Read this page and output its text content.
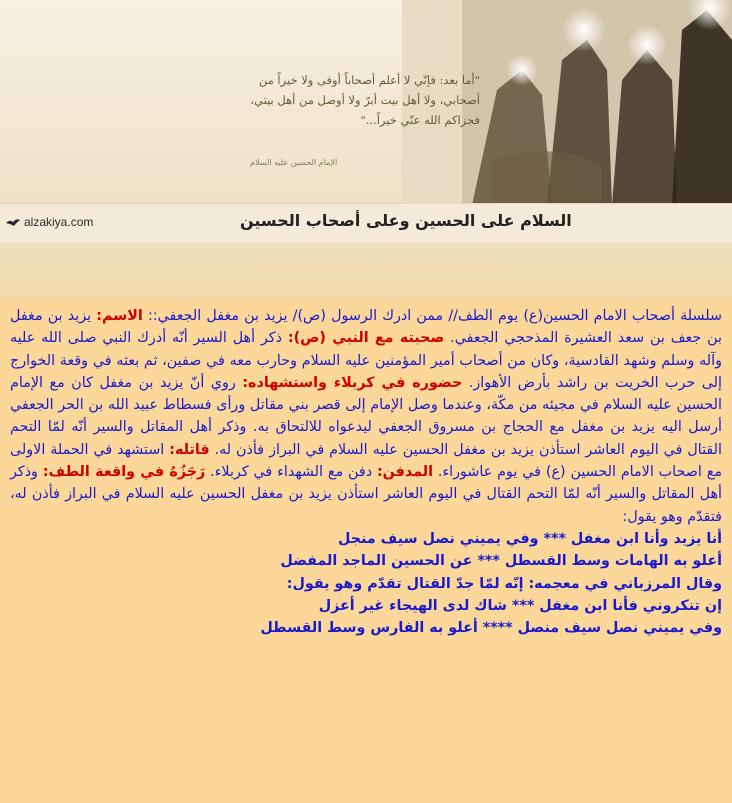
"أما بعد: فإنّي لا أعلم أصحاباً أوفى ولا خيراً من
أصحابي، ولا أهل بيت أبرّ ولا أوصل من أهل بيتي،
فجزاكم الله عنّي خيراً..."
الإمام الحسين عليه السلام
alzakiya.com	السلام على الحسين وعلى أصحاب الحسين
سلسلة أصحاب الامام الحسين(ع) يوم الطف// ممن ادرك الرسول (ص)/ يزيد بن مغفل الجعفي:: الاسم: يزيد بن مغفل بن جعف بن سعد العشيرة المذحجي الجعفي. صحبته مع النبي (ص): ذكر أهل السير أنّه أدرك النبي صلى الله عليه وآله وسلم وشهد القادسية، وكان من أصحاب أمير المؤمنين عليه السلام وحارب معه في صفين، ثم بعثه في وقعة الخوارج إلى حرب الخريت بن راشد بأرض الأهواز. حضوره في كربلاء واستشهاده: روي أنّ يزيد بن مغفل كان مع الإمام الحسين عليه السلام في مجيئه من مكّة، وعندما وصل الإمام إلى قصر بني مقاتل ورأى فسطاط عبيد الله بن الحر الجعفي أرسل اليه يزيد بن مغفل مع الحجاج بن مسروق الجعفي ليدعواه للالتحاق به. وذكر أهل المقاتل والسير أنّه لمّا التحم القتال في اليوم العاشر استأذن يزيد بن مغفل الحسين عليه السلام في البراز فأذن له. قاتله: استشهد في الحملة الاولى مع اصحاب الامام الحسين (ع) في يوم عاشوراء. المدفن: دفن مع الشهداء في كربلاء. رَجَزُهُ في واقعة الطف: وذكر أهل المقاتل والسير أنّه لمّا التحم القتال في اليوم العاشر استأذن يزيد بن مغفل الحسين عليه السلام في البراز فأذن له، فتقدّم وهو يقول:
أنا يزيد وأنا ابن مغفل *** وفي يميني نصل سيف منجل
أعلو به الهامات وسط القسطل *** عن الحسين الماجد المفضل
وقال المرزباني في معجمه: إنّه لمّا جدّ القتال تقدّم وهو يقول:
إن تنكروني فأنا ابن مغفل *** شاك لدى الهيجاء غير أعزل
وفي يميني نصل سيف منصل **** أعلو به الفارس وسط القسطل
